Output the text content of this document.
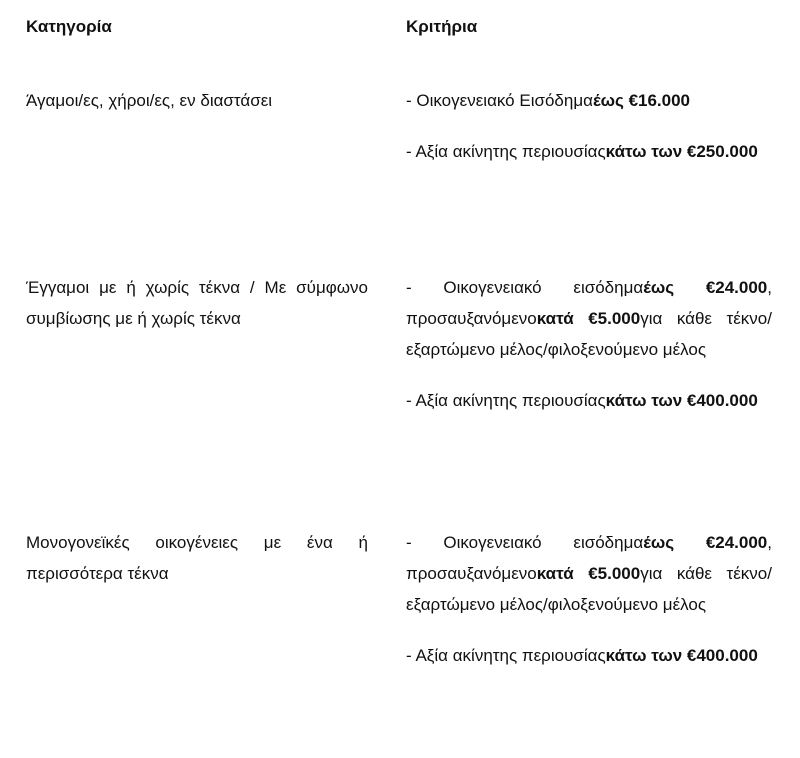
Κατηγορία	Κριτήρια
Άγαμοι/ες, χήροι/ες, εν διαστάσει	- Οικογενειακό Εισόδημαέως €16.000

- Αξία ακίνητης περιουσίαςκάτω των €250.000

Έγγαμοι με ή χωρίς τέκνα / Με σύμφωνο συμβίωσης με ή χωρίς τέκνα

- Οικογενειακό εισόδημαέως €24.000, προσαυξανόμενοκατά €5.000για κάθε τέκνο/εξαρτώμενο μέλος/φιλοξενούμενο μέλος

- Αξία ακίνητης περιουσίαςκάτω των €400.000

Μονογονεϊκές οικογένειες με ένα ή περισσότερα τέκνα

- Οικογενειακό εισόδημαέως €24.000, προσαυξανόμενοκατά €5.000για κάθε τέκνο/εξαρτώμενο μέλος/φιλοξενούμενο μέλος

- Αξία ακίνητης περιουσίαςκάτω των €400.000
